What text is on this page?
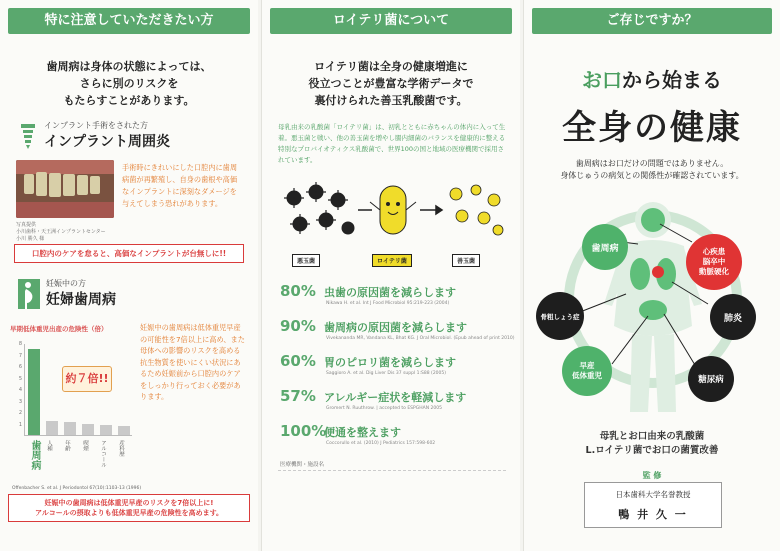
特に注意していただきたい方
歯周病は身体の状態によっては、
さらに別のリスクを
もたらすことがあります。
インプラント手術をされた方
インプラント周囲炎
写真提供
小川歯科・天王洲インプラントセンター
小川 勝久 様
手術時にきれいにした口腔内に歯周病菌が再繁殖し、自身の歯根や高価なインプラントに深刻なダメージを与えてしまう恐れがあります。
口腔内のケアを怠ると、高価なインプラントが台無しに!!
妊娠中の方
妊婦歯周病
早期低体重児出産の危険性（倍）
8
7
6
5
4
3
2
1
歯周病	人種 年齢 喫煙 アルコール 産科歴
約７倍!!
妊娠中の歯周病は低体重児早産の可能性を7倍以上に高め、また母体への影響のリスクを高める抗生物質を使いにくい状況にあるため妊娠前から口腔内のケアをしっかり行っておく必要があります。
Offenbacher S. et al. J Periodontol 67(10):1103-13 (1996)
妊娠中の歯周病は低体重児早産のリスクを7倍以上に!
アルコールの摂取よりも低体重児早産の危険性を高めます。
ロイテリ菌について
ロイテリ菌は全身の健康増進に
役立つことが豊富な学術データで
裏付けられた善玉乳酸菌です。
母乳由来の乳酸菌「ロイテリ菌」は、初乳とともに赤ちゃんの体内に入って生着。悪玉菌と戦い、他の善玉菌を増やし腸内細菌のバランスを健康的に整える特別なプロバイオティクス乳酸菌で、世界100の国と地域の医療機関で採用されています。
悪玉菌	ロイテリ菌	善玉菌
80% 虫歯の原因菌を減らします
Nikawa H. et al. Int J Food Microbiol 95:219-223 (2004)
90% 歯周病の原因菌を減らします
Vivekananda MR, Vandana KL, Bhat KG. J Oral Microbiol. (Epub ahead of print 2010)
60% 胃のピロリ菌を減らします
Saggioro A. et al. Dig Liver Dis 37 suppl 1:S88 (2005)
57% アレルギー症状を軽減します
Gromert N. Ruuthrow. | accepted to ESPGHAN 2005
100%
便通を整えます
Coccorullo et al. (2010) J Pediatrics 157:598-602
医療機関・施設名
ご存じですか？
お口から始まる
全身の健康
歯周病はお口だけの問題ではありません。
身体じゅうの病気との関係性が確認されています。
歯周病	心疾患
脳卒中
動脈硬化
骨粗しょう症	肺炎
早産
低体重児	糖尿病
母乳とお口由来の乳酸菌
L.ロイテリ菌でお口の菌質改善
監 修
日本歯科大学名誉教授
鴨 井 久 一
